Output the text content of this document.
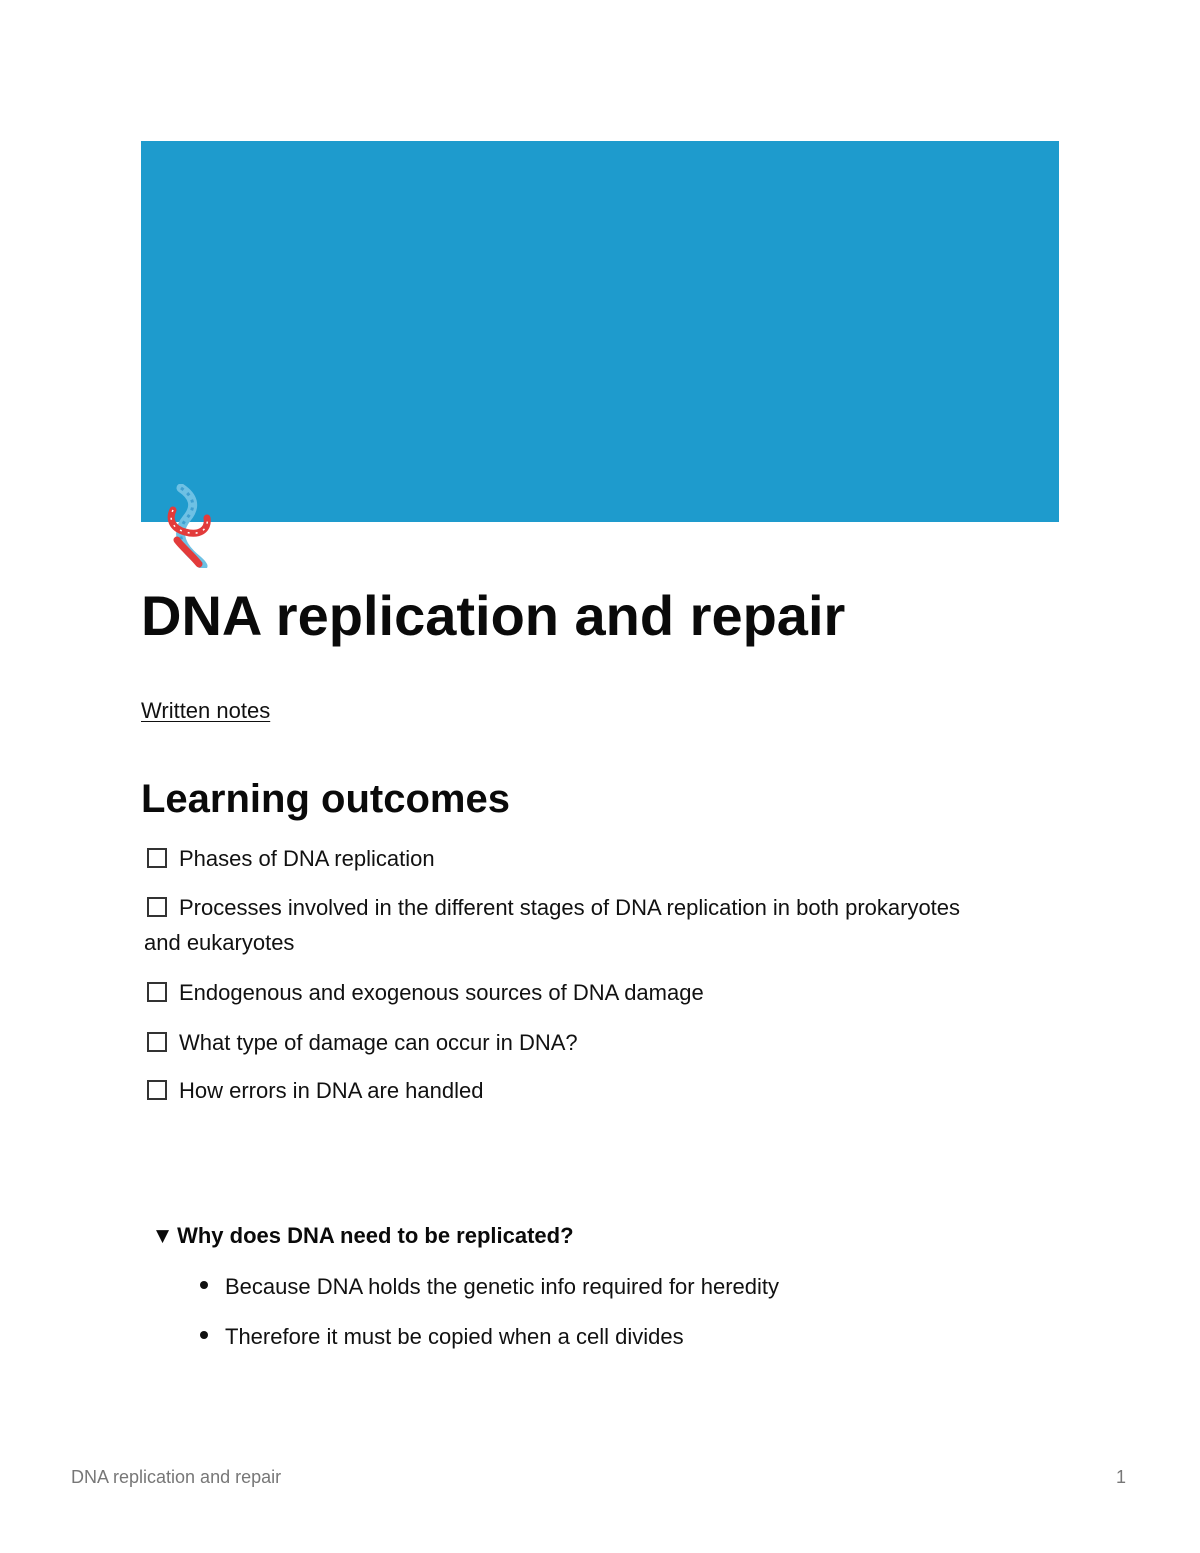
DNA replication and repair
Written notes
Learning outcomes
Phases of DNA replication
Processes involved in the different stages of DNA replication in both prokaryotes
and eukaryotes
Endogenous and exogenous sources of DNA damage
What type of damage can occur in DNA?
How errors in DNA are handled
▼ Why does DNA need to be replicated?
Because DNA holds the genetic info required for heredity
Therefore it must be copied when a cell divides
DNA replication and repair	1
